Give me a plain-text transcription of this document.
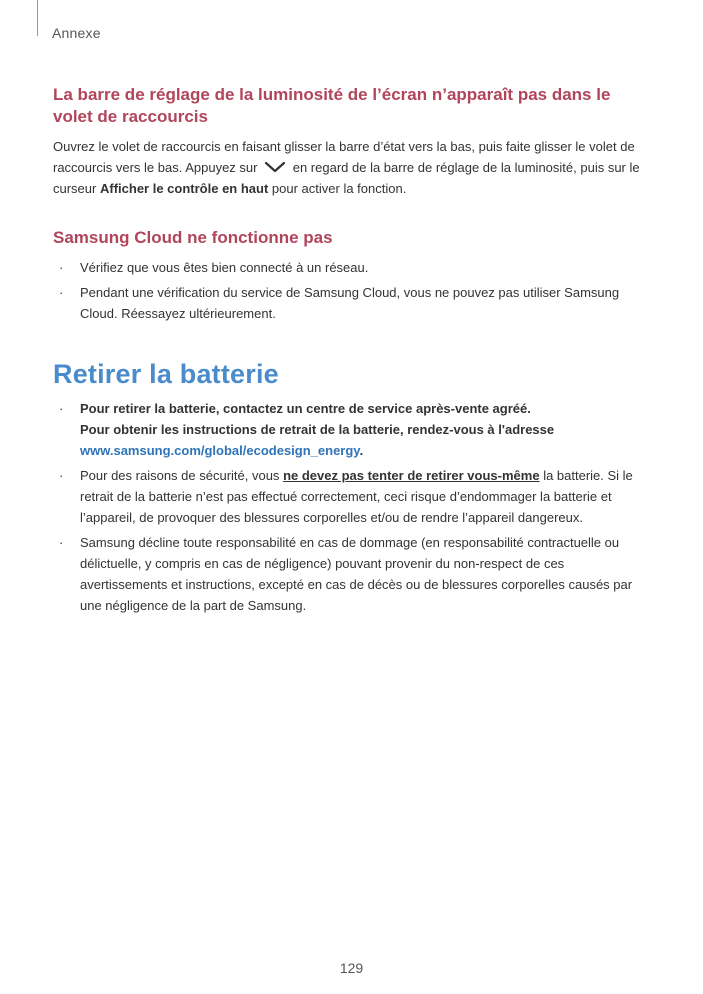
Annexe
La barre de réglage de la luminosité de l’écran n’apparaît pas dans le volet de raccourcis

Ouvrez le volet de raccourcis en faisant glisser la barre d’état vers la bas, puis faite glisser le volet de raccourcis vers le bas. Appuyez sur	en regard de la barre de réglage de la luminosité, puis sur le curseur Afficher le contrôle en haut pour activer la fonction.

Samsung Cloud ne fonctionne pas
· Vérifiez que vous êtes bien connecté à un réseau.
· Pendant une vérification du service de Samsung Cloud, vous ne pouvez pas utiliser Samsung Cloud. Réessayez ultérieurement.
Retirer la batterie
· Pour retirer la batterie, contactez un centre de service après-vente agréé.
Pour obtenir les instructions de retrait de la batterie, rendez-vous à l'adresse
www.samsung.com/global/ecodesign_energy.
· Pour des raisons de sécurité, vous ne devez pas tenter de retirer vous-même la batterie. Si le retrait de la batterie n’est pas effectué correctement, ceci risque d’endommager la batterie et l’appareil, de provoquer des blessures corporelles et/ou de rendre l’appareil dangereux.
· Samsung décline toute responsabilité en cas de dommage (en responsabilité contractuelle ou délictuelle, y compris en cas de négligence) pouvant provenir du non-respect de ces avertissements et instructions, excepté en cas de décès ou de blessures corporelles causés par une négligence de la part de Samsung.
129
